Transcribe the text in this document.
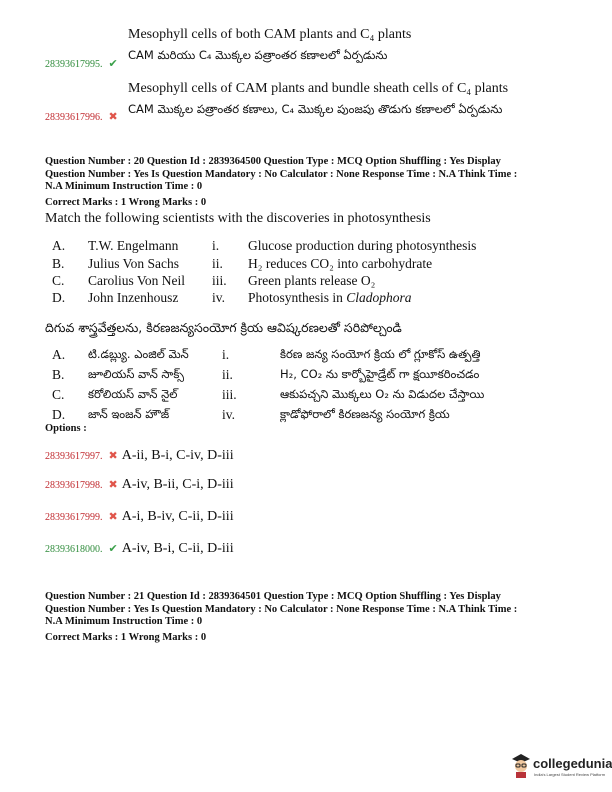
Mesophyll cells of both CAM plants and C₄ plants
28393617995. ✔
CAM మరియు C₄ మొక్కల పత్రాంతర కణాలలో ఏర్పడును
Mesophyll cells of CAM plants and bundle sheath cells of C₄ plants
28393617996. ✖
CAM మొక్కల పత్రాంతర కణాలు, C₄ మొక్కల పుంజపు తొడుగు కణాలలో ఏర్పడును
Question Number : 20 Question Id : 2839364500 Question Type : MCQ Option Shuffling : Yes Display
Question Number : Yes Is Question Mandatory : No Calculator : None Response Time : N.A Think Time :
N.A Minimum Instruction Time : 0
Correct Marks : 1 Wrong Marks : 0
Match the following scientists with the discoveries in photosynthesis
A. T.W. Engelmann i. Glucose production during photosynthesis
B. Julius Von Sachs ii. H₂ reduces CO₂ into carbohydrate
C. Carolius Von Neil iii. Green plants release O₂
D. John Inzenhousz iv. Photosynthesis in Cladophora
దిగువ శాస్త్రవేత్తలను, కిరణజన్యసంయోగ క్రియ ఆవిష్కరణలతో సరిపోల్చండి
A. టి.డబ్ల్యు. ఎంజిల్ మెన్ i.	కిరణ జన్య సంయోగ క్రియ లో గ్లూకోస్ ఉత్పత్తి
B. జూలియస్ వాన్ సాక్స్	ii.	H₂, CO₂ ను కార్బోహైడ్రేట్ గా క్షయీకరించడం
C. కరోలియస్ వాన్ నైల్	iii.	ఆకుపచ్చని మొక్కలు O₂ ను విడుదల చేస్తాయి
D. జాన్ ఇంజన్ హౌజ్	iv.	క్లాడోఫోరాలో కిరణజన్య సంయోగ క్రియ
Options :
28393617997. ✖ A-ii, B-i, C-iv, D-iii
28393617998. ✖ A-iv, B-ii, C-i, D-iii
28393617999. ✖ A-i, B-iv, C-ii, D-iii
28393618000. ✔ A-iv, B-i, C-ii, D-iii
Question Number : 21 Question Id : 2839364501 Question Type : MCQ Option Shuffling : Yes Display
Question Number : Yes Is Question Mandatory : No Calculator : None Response Time : N.A Think Time :
N.A Minimum Instruction Time : 0
Correct Marks : 1 Wrong Marks : 0
collegedunia
India's Largest Student Review Platform
